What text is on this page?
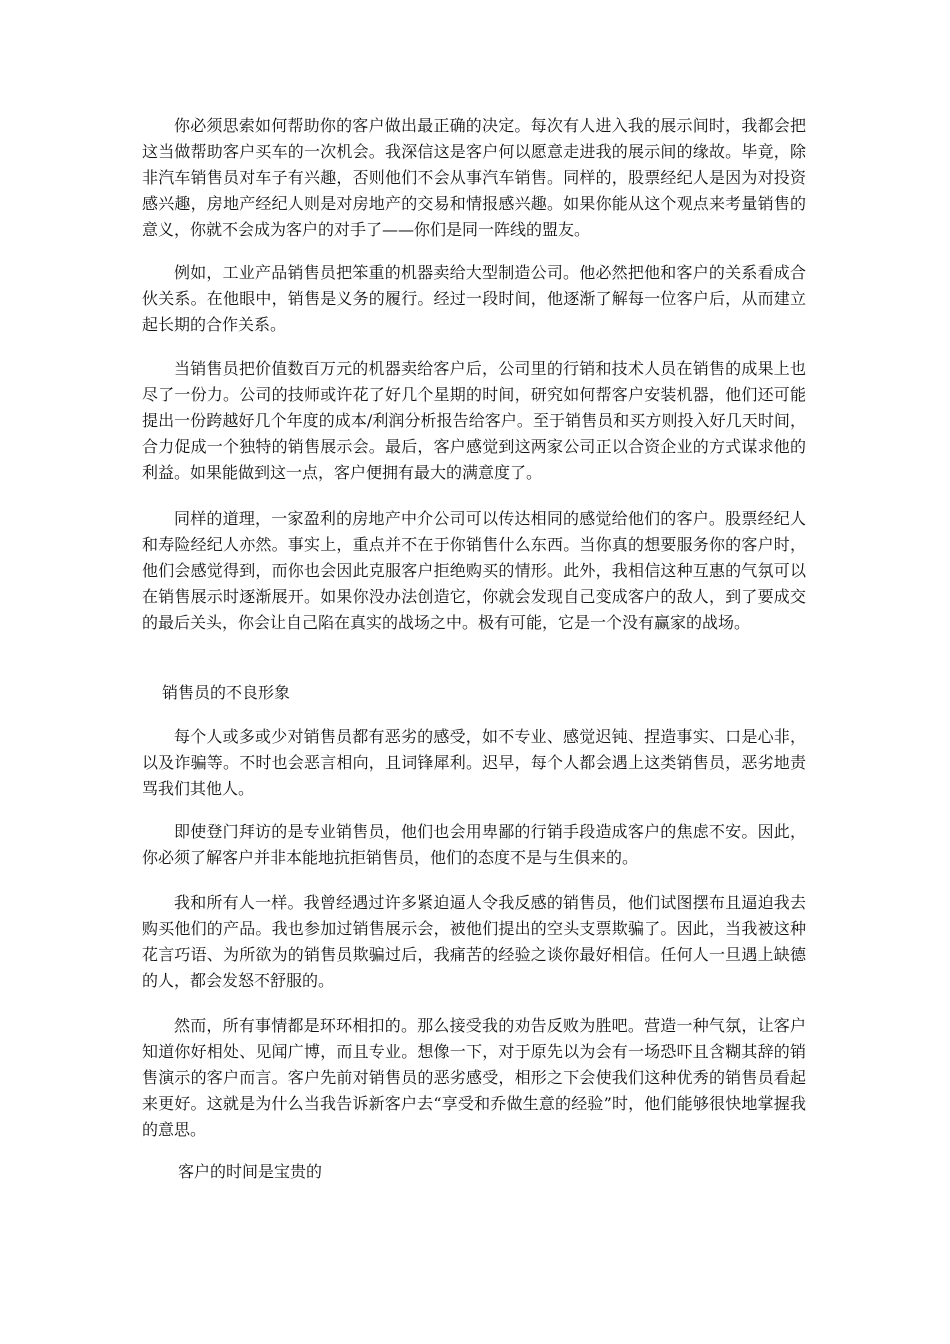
你必须思索如何帮助你的客户做出最正确的决定。每次有人进入我的展示间时，我都会把这当做帮助客户买车的一次机会。我深信这是客户何以愿意走进我的展示间的缘故。毕竟，除非汽车销售员对车子有兴趣，否则他们不会从事汽车销售。同样的，股票经纪人是因为对投资感兴趣，房地产经纪人则是对房地产的交易和情报感兴趣。如果你能从这个观点来考量销售的意义，你就不会成为客户的对手了——你们是同一阵线的盟友。

例如，工业产品销售员把笨重的机器卖给大型制造公司。他必然把他和客户的关系看成合伙关系。在他眼中，销售是义务的履行。经过一段时间，他逐渐了解每一位客户后，从而建立起长期的合作关系。

当销售员把价值数百万元的机器卖给客户后，公司里的行销和技术人员在销售的成果上也尽了一份力。公司的技师或许花了好几个星期的时间，研究如何帮客户安装机器，他们还可能提出一份跨越好几个年度的成本/利润分析报告给客户。至于销售员和买方则投入好几天时间，合力促成一个独特的销售展示会。最后，客户感觉到这两家公司正以合资企业的方式谋求他的利益。如果能做到这一点，客户便拥有最大的满意度了。

同样的道理，一家盈利的房地产中介公司可以传达相同的感觉给他们的客户。股票经纪人和寿险经纪人亦然。事实上，重点并不在于你销售什么东西。当你真的想要服务你的客户时，他们会感觉得到，而你也会因此克服客户拒绝购买的情形。此外，我相信这种互惠的气氛可以在销售展示时逐渐展开。如果你没办法创造它，你就会发现自己变成客户的敌人，到了要成交的最后关头，你会让自己陷在真实的战场之中。极有可能，它是一个没有赢家的战场。

销售员的不良形象

每个人或多或少对销售员都有恶劣的感受，如不专业、感觉迟钝、捏造事实、口是心非，以及诈骗等。不时也会恶言相向，且词锋犀利。迟早，每个人都会遇上这类销售员，恶劣地责骂我们其他人。

即使登门拜访的是专业销售员，他们也会用卑鄙的行销手段造成客户的焦虑不安。因此，你必须了解客户并非本能地抗拒销售员，他们的态度不是与生俱来的。

我和所有人一样。我曾经遇过许多紧迫逼人令我反感的销售员，他们试图摆布且逼迫我去购买他们的产品。我也参加过销售展示会，被他们提出的空头支票欺骗了。因此，当我被这种花言巧语、为所欲为的销售员欺骗过后，我痛苦的经验之谈你最好相信。任何人一旦遇上缺德的人，都会发怒不舒服的。

然而，所有事情都是环环相扣的。那么接受我的劝告反败为胜吧。营造一种气氛，让客户知道你好相处、见闻广博，而且专业。想像一下，对于原先以为会有一场恐吓且含糊其辞的销售演示的客户而言。客户先前对销售员的恶劣感受，相形之下会使我们这种优秀的销售员看起来更好。这就是为什么当我告诉新客户去“享受和乔做生意的经验”时，他们能够很快地掌握我的意思。

客户的时间是宝贵的
